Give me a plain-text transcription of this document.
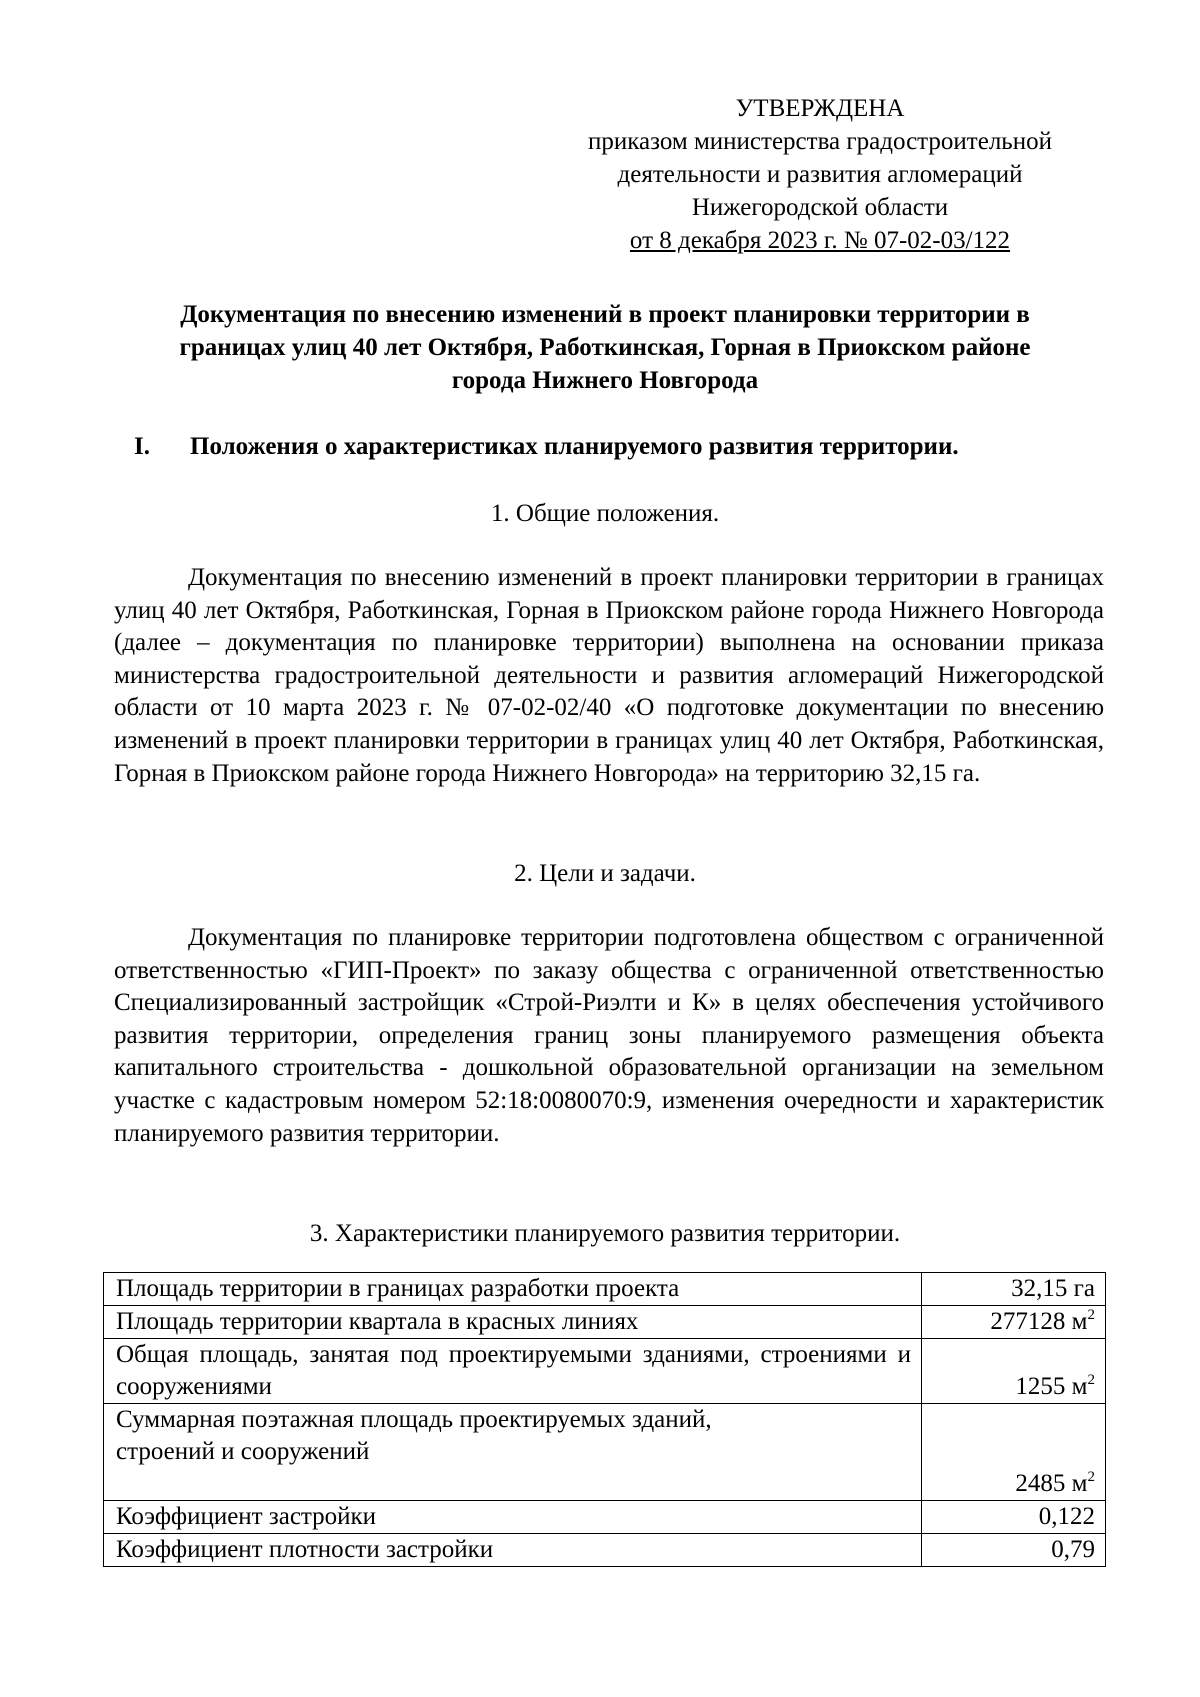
УТВЕРЖДЕНА
приказом министерства градостроительной
деятельности и развития агломераций
Нижегородской области
от 8 декабря 2023 г. № 07-02-03/122
Документация по внесению изменений в проект планировки территории в
границах улиц 40 лет Октября, Работкинская, Горная в Приокском районе
города Нижнего Новгорода
I. Положения о характеристиках планируемого развития территории.
1. Общие положения.

Документация по внесению изменений в проект планировки территории в границах улиц 40 лет Октября, Работкинская, Горная в Приокском районе города Нижнего Новгорода (далее – документация по планировке территории) выполнена на основании приказа министерства градостроительной деятельности и развития агломераций Нижегородской области от 10 марта 2023 г. № 07-02-02/40 «О подготовке документации по внесению изменений в проект планировки территории в границах улиц 40 лет Октября, Работкинская, Горная в Приокском районе города Нижнего Новгорода» на территорию 32,15 га.

2. Цели и задачи.

Документация по планировке территории подготовлена обществом с ограниченной ответственностью «ГИП-Проект» по заказу общества с ограниченной ответственностью Специализированный застройщик «Строй-Риэлти и К» в целях обеспечения устойчивого развития территории, определения границ зоны планируемого размещения объекта капитального строительства - дошкольной образовательной организации на земельном участке с кадастровым номером 52:18:0080070:9, изменения очередности и характеристик планируемого развития территории.

3. Характеристики планируемого развития территории.
Площадь территории в границах разработки проекта	32,15 га
Площадь территории квартала в красных линиях	277128 $м^2$
Общая площадь, занятая под проектируемыми зданиями, строениями и сооружениями	1255 $м^2$

Суммарная поэтажная площадь проектируемых зданий,
строений и сооружений	2485 $м^2$
Коэффициент застройки	0,122
Коэффициент плотности застройки	0,79
